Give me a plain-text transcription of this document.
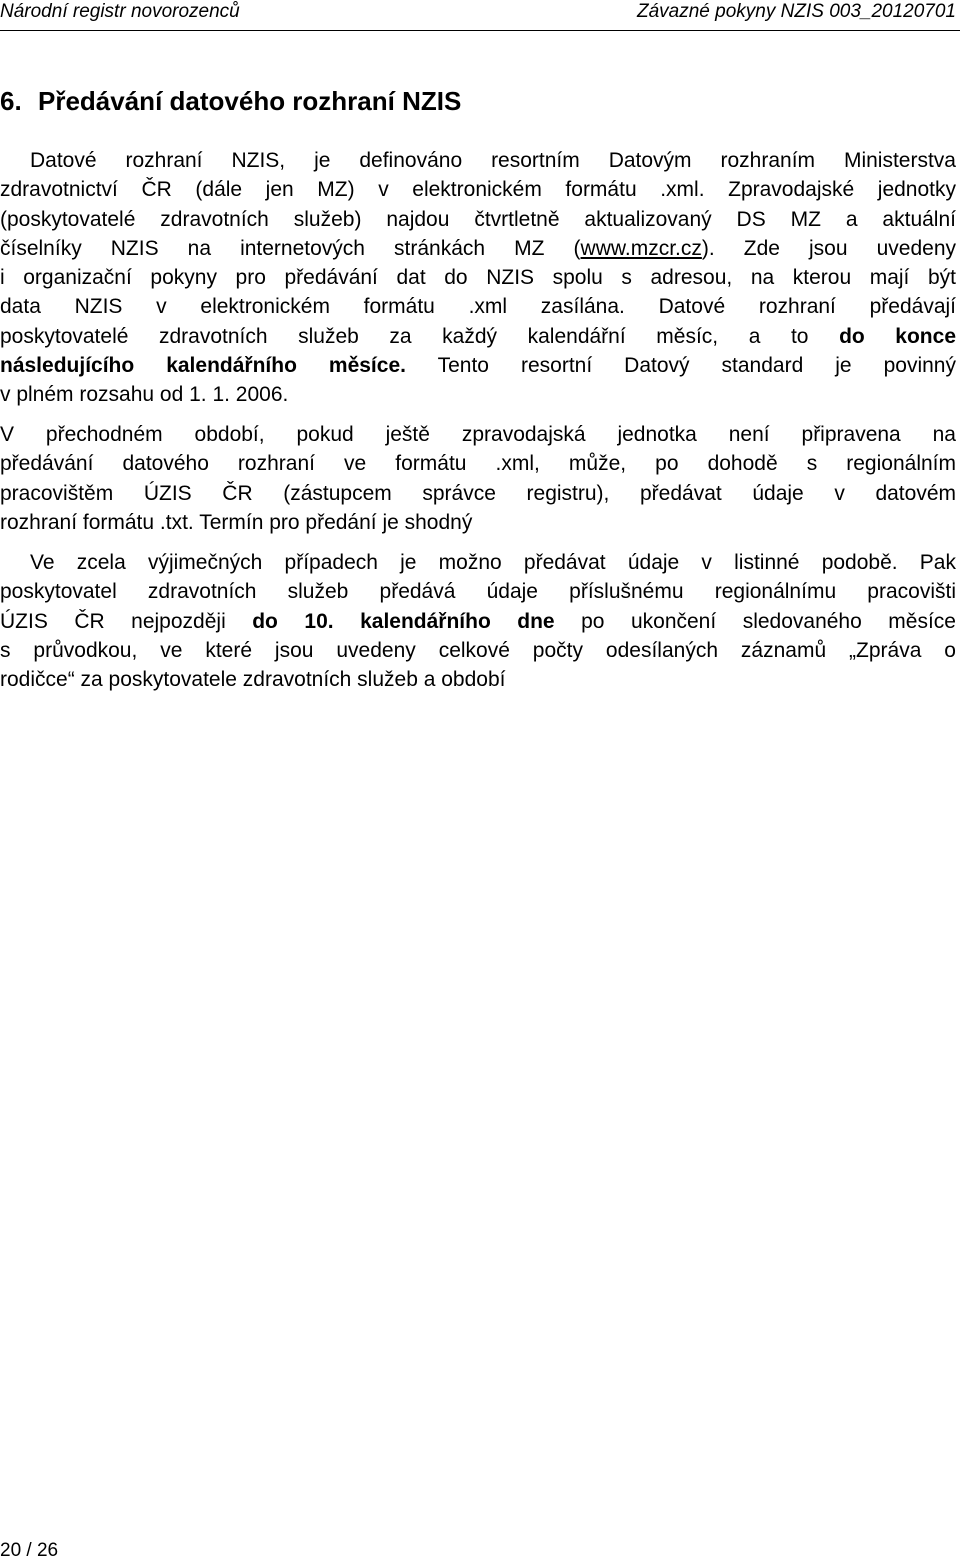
Národní registr novorozenců	Závazné pokyny NZIS 003_20120701
6. Předávání datového rozhraní NZIS
Datové rozhraní NZIS, je definováno resortním Datovým rozhraním Ministerstva
zdravotnictví ČR (dále jen MZ) v elektronickém formátu .xml. Zpravodajské jednotky
(poskytovatelé zdravotních služeb) najdou čtvrtletně aktualizovaný DS MZ a aktuální
číselníky NZIS na internetových stránkách MZ (www.mzcr.cz). Zde jsou uvedeny
i organizační pokyny pro předávání dat do NZIS spolu s adresou, na kterou mají být
data NZIS v elektronickém formátu .xml zasílána. Datové rozhraní předávají
poskytovatelé zdravotních služeb za každý kalendářní měsíc, a to do konce
následujícího kalendářního měsíce. Tento resortní Datový standard je povinný
v plném rozsahu od 1. 1. 2006.
V přechodném období, pokud ještě zpravodajská jednotka není připravena na
předávání datového rozhraní ve formátu .xml, může, po dohodě s regionálním
pracovištěm ÚZIS ČR (zástupcem správce registru), předávat údaje v datovém
rozhraní formátu .txt. Termín pro předání je shodný
Ve zcela výjimečných případech je možno předávat údaje v listinné podobě. Pak
poskytovatel zdravotních služeb předává údaje příslušnému regionálnímu pracovišti
ÚZIS ČR nejpozději do 10. kalendářního dne po ukončení sledovaného měsíce
s průvodkou, ve které jsou uvedeny celkové počty odesílaných záznamů „Zpráva o
rodičce“ za poskytovatele zdravotních služeb a období
20 / 26
